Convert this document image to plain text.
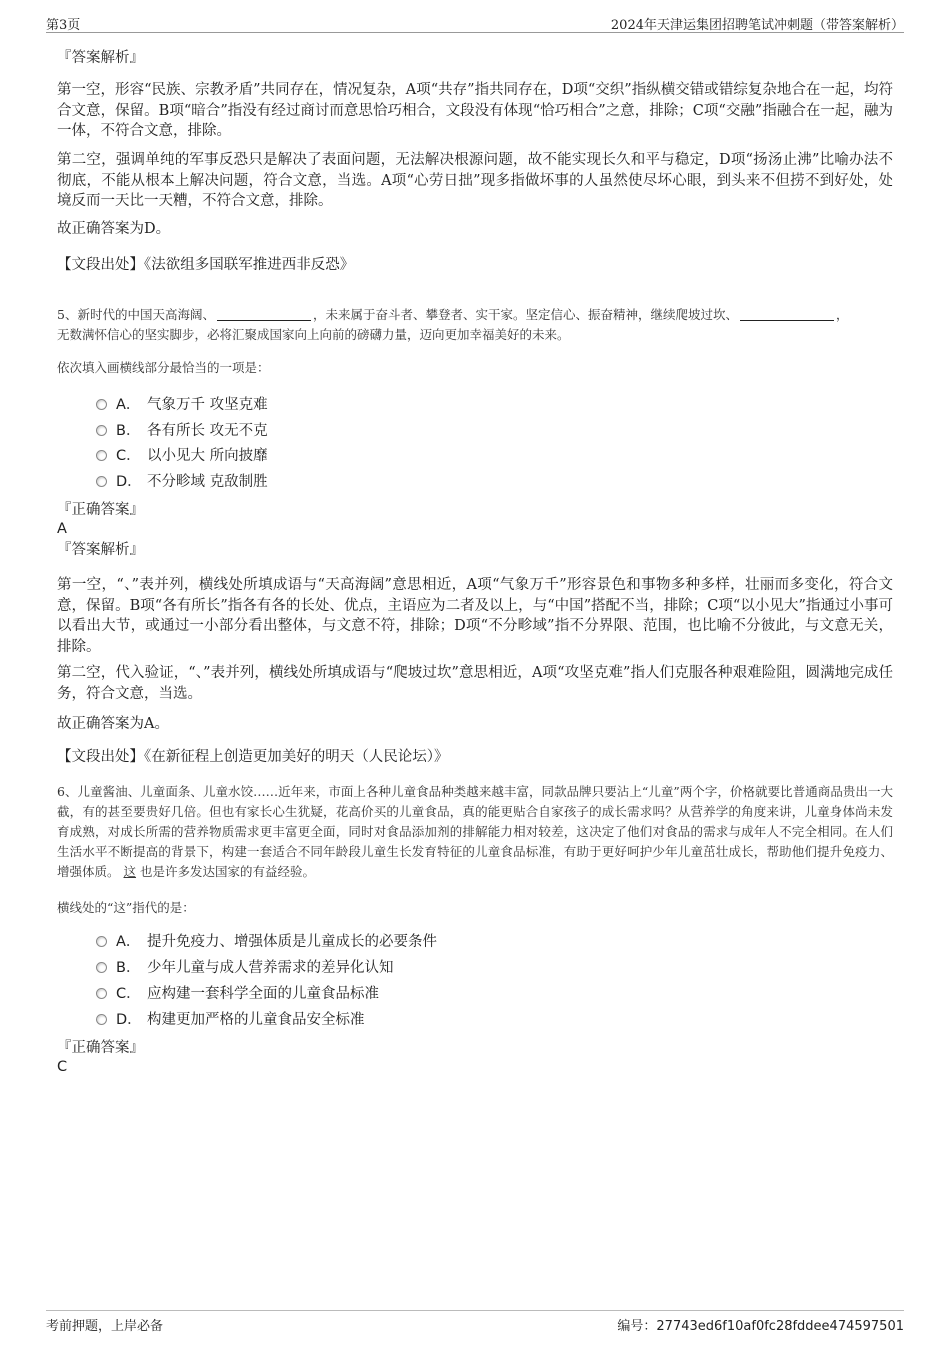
第3页	2024年天津运集团招聘笔试冲刺题（带答案解析）
『答案解析』

第一空，形容“民族、宗教矛盾”共同存在，情况复杂，A项“共存”指共同存在，D项“交织”指纵横交错或错综复杂地合在一起，均符合文意，保留。B项“暗合”指没有经过商讨而意思恰巧相合，文段没有体现“恰巧相合”之意，排除；C项“交融”指融合在一起，融为一体，不符合文意，排除。

第二空，强调单纯的军事反恐只是解决了表面问题，无法解决根源问题，故不能实现长久和平与稳定，D项“扬汤止沸”比喻办法不彻底，不能从根本上解决问题，符合文意，当选。A项“心劳日拙”现多指做坏事的人虽然使尽坏心眼，到头来不但捞不到好处，处境反而一天比一天糟，不符合文意，排除。

故正确答案为D。
【文段出处】《法欲组多国联军推进西非反恐》
5、新时代的中国天高海阔、	，未来属于奋斗者、攀登者、实干家。坚定信心、振奋精神，继续爬坡过坎、	，
无数满怀信心的坚实脚步，必将汇聚成国家向上向前的磅礴力量，迈向更加幸福美好的未来。
依次填入画横线部分最恰当的一项是：
A． 气象万千 攻坚克难
B． 各有所长 攻无不克
C． 以小见大 所向披靡
D． 不分畛域 克敌制胜
『正确答案』
A
『答案解析』

第一空，“、”表并列，横线处所填成语与“天高海阔”意思相近，A项“气象万千”形容景色和事物多种多样，壮丽而多变化，符合文意，保留。B项“各有所长”指各有各的长处、优点，主语应为二者及以上，与“中国”搭配不当，排除；C项“以小见大”指通过小事可以看出大节，或通过一小部分看出整体，与文意不符，排除；D项“不分畛域”指不分界限、范围，也比喻不分彼此，与文意无关，排除。

第二空，代入验证，“、”表并列，横线处所填成语与“爬坡过坎”意思相近，A项“攻坚克难”指人们克服各种艰难险阻，圆满地完成任务，符合文意，当选。

故正确答案为A。
【文段出处】《在新征程上创造更加美好的明天（人民论坛）》

6、儿童酱油、儿童面条、儿童水饺……近年来，市面上各种儿童食品种类越来越丰富，同款品牌只要沾上“儿童”两个字，价格就要比普通商品贵出一大截，有的甚至要贵好几倍。但也有家长心生犹疑，花高价买的儿童食品，真的能更贴合自家孩子的成长需求吗？从营养学的角度来讲，儿童身体尚未发育成熟，对成长所需的营养物质需求更丰富更全面，同时对食品添加剂的排解能力相对较差，这决定了他们对食品的需求与成年人不完全相同。在人们生活水平不断提高的背景下，构建一套适合不同年龄段儿童生长发育特征的儿童食品标准，有助于更好呵护少年儿童茁壮成长，帮助他们提升免疫力、增强体质。 这 也是许多发达国家的有益经验。

横线处的“这”指代的是：
A． 提升免疫力、增强体质是儿童成长的必要条件
B． 少年儿童与成人营养需求的差异化认知
C． 应构建一套科学全面的儿童食品标准
D． 构建更加严格的儿童食品安全标准
『正确答案』
C
考前押题，上岸必备	编号：27743ed6f10af0fc28fddee474597501
